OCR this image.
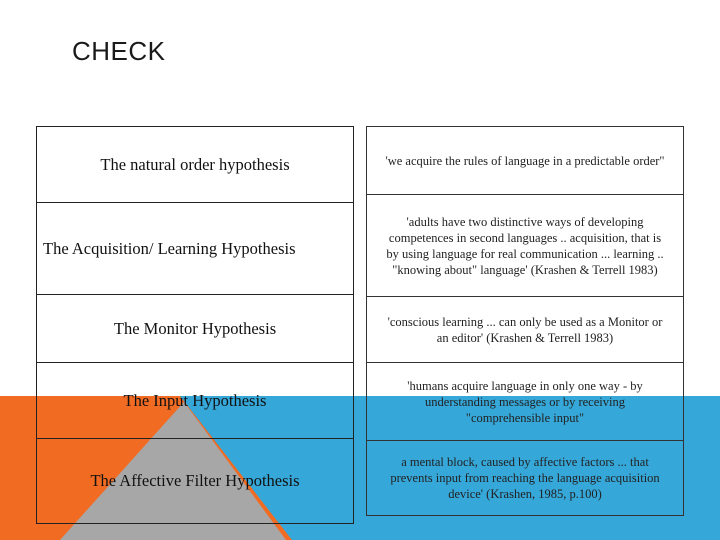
CHECK
The natural order hypothesis
The Acquisition/ Learning Hypothesis
The Monitor Hypothesis
The Input Hypothesis
The Affective Filter Hypothesis
'we acquire the rules of language in a predictable order"
'adults have two distinctive ways of developing competences in second languages .. acquisition, that is by using language for real communication ... learning .. "knowing about" language' (Krashen & Terrell 1983)
'conscious learning ... can only be used as a Monitor or an editor' (Krashen & Terrell 1983)
'humans acquire language in only one way - by understanding messages or by receiving "comprehensible input"
a mental block, caused by affective factors ... that prevents input from reaching the language acquisition device' (Krashen, 1985, p.100)
